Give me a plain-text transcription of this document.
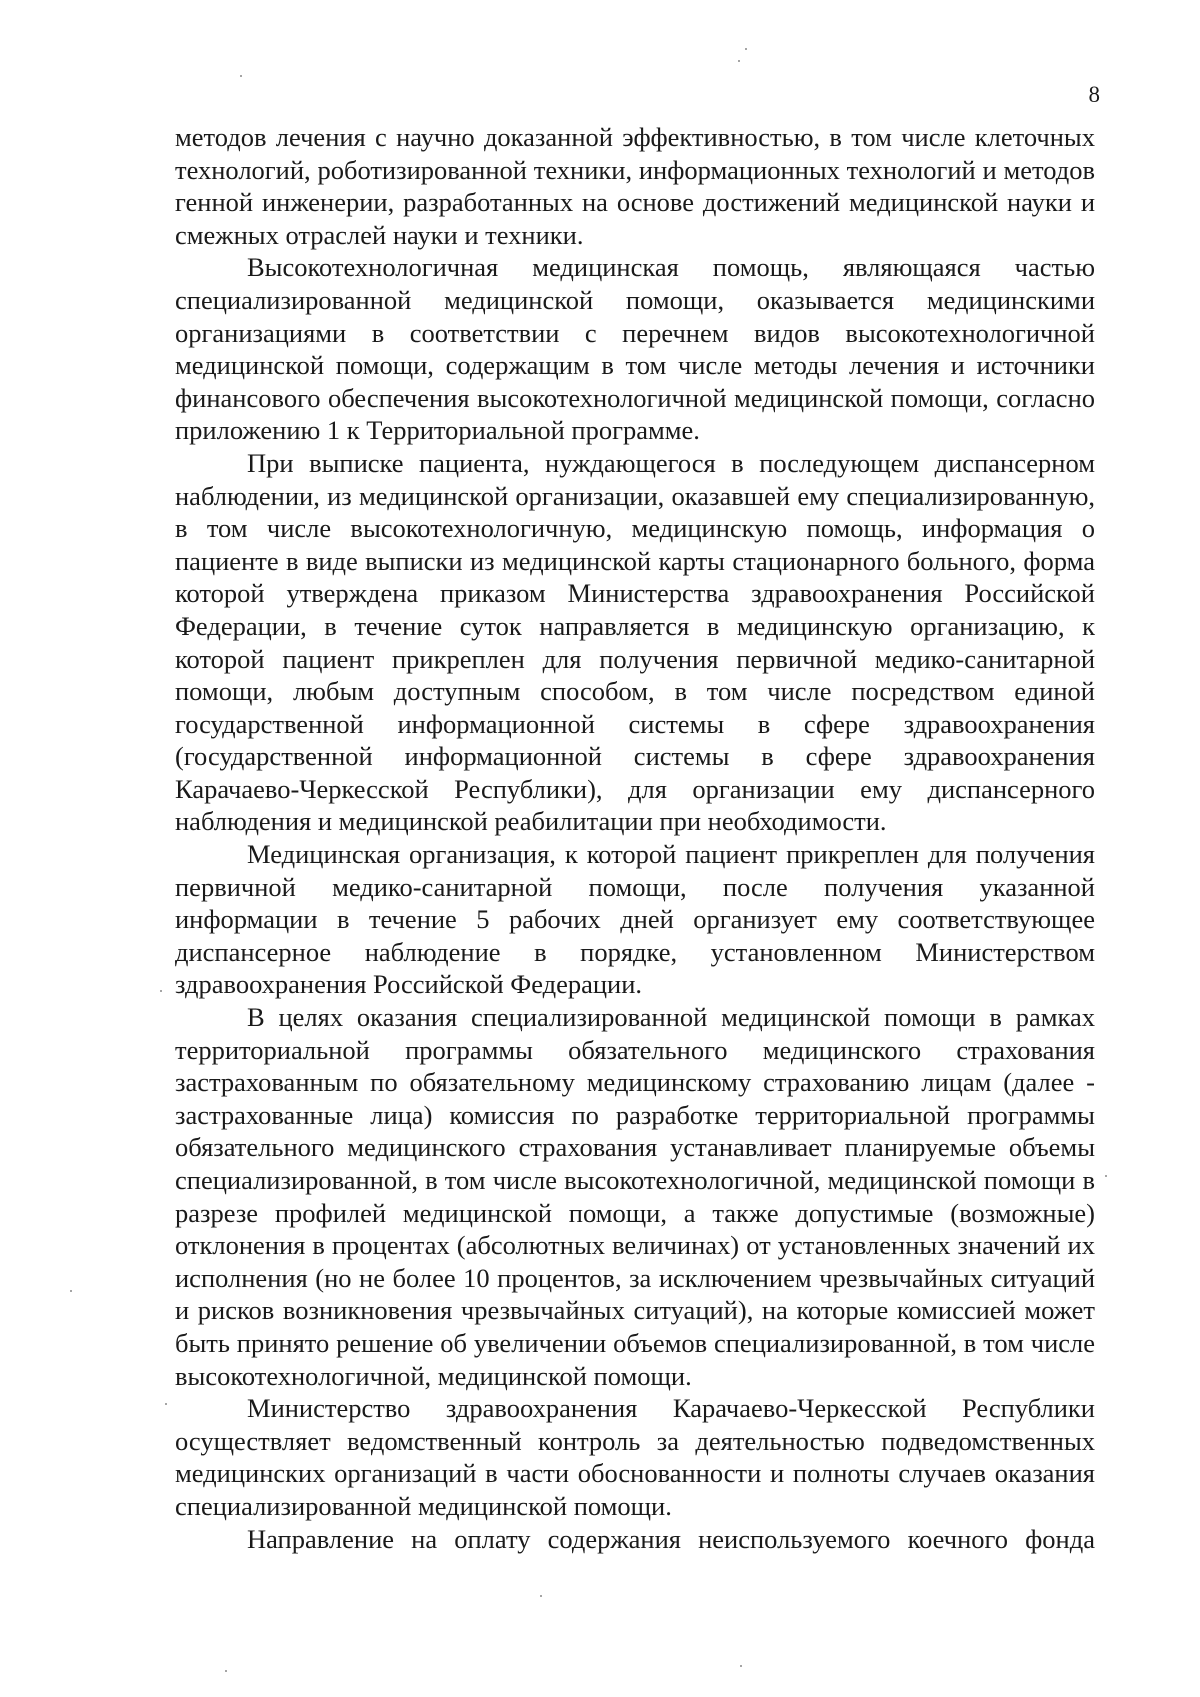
8

методов лечения с научно доказанной эффективностью, в том числе клеточных технологий, роботизированной техники, информационных технологий и методов генной инженерии, разработанных на основе достижений медицинской науки и смежных отраслей науки и техники.

Высокотехнологичная медицинская помощь, являющаяся частью специализированной медицинской помощи, оказывается медицинскими организациями в соответствии с перечнем видов высокотехнологичной медицинской помощи, содержащим в том числе методы лечения и источники финансового обеспечения высокотехнологичной медицинской помощи, согласно приложению 1 к Территориальной программе.

При выписке пациента, нуждающегося в последующем диспансерном наблюдении, из медицинской организации, оказавшей ему специализированную, в том числе высокотехнологичную, медицинскую помощь, информация о пациенте в виде выписки из медицинской карты стационарного больного, форма которой утверждена приказом Министерства здравоохранения Российской Федерации, в течение суток направляется в медицинскую организацию, к которой пациент прикреплен для получения первичной медико-санитарной помощи, любым доступным способом, в том числе посредством единой государственной информационной системы в сфере здравоохранения (государственной информационной системы в сфере здравоохранения Карачаево-Черкесской Республики), для организации ему диспансерного наблюдения и медицинской реабилитации при необходимости.

Медицинская организация, к которой пациент прикреплен для получения первичной медико-санитарной помощи, после получения указанной информации в течение 5 рабочих дней организует ему соответствующее диспансерное наблюдение в порядке, установленном Министерством здравоохранения Российской Федерации.

В целях оказания специализированной медицинской помощи в рамках территориальной программы обязательного медицинского страхования застрахованным по обязательному медицинскому страхованию лицам (далее - застрахованные лица) комиссия по разработке территориальной программы обязательного медицинского страхования устанавливает планируемые объемы специализированной, в том числе высокотехнологичной, медицинской помощи в разрезе профилей медицинской помощи, а также допустимые (возможные) отклонения в процентах (абсолютных величинах) от установленных значений их исполнения (но не более 10 процентов, за исключением чрезвычайных ситуаций и рисков возникновения чрезвычайных ситуаций), на которые комиссией может быть принято решение об увеличении объемов специализированной, в том числе высокотехнологичной, медицинской помощи.

Министерство здравоохранения Карачаево-Черкесской Республики осуществляет ведомственный контроль за деятельностью подведомственных медицинских организаций в части обоснованности и полноты случаев оказания специализированной медицинской помощи.

Направление на оплату содержания неиспользуемого коечного фонда
